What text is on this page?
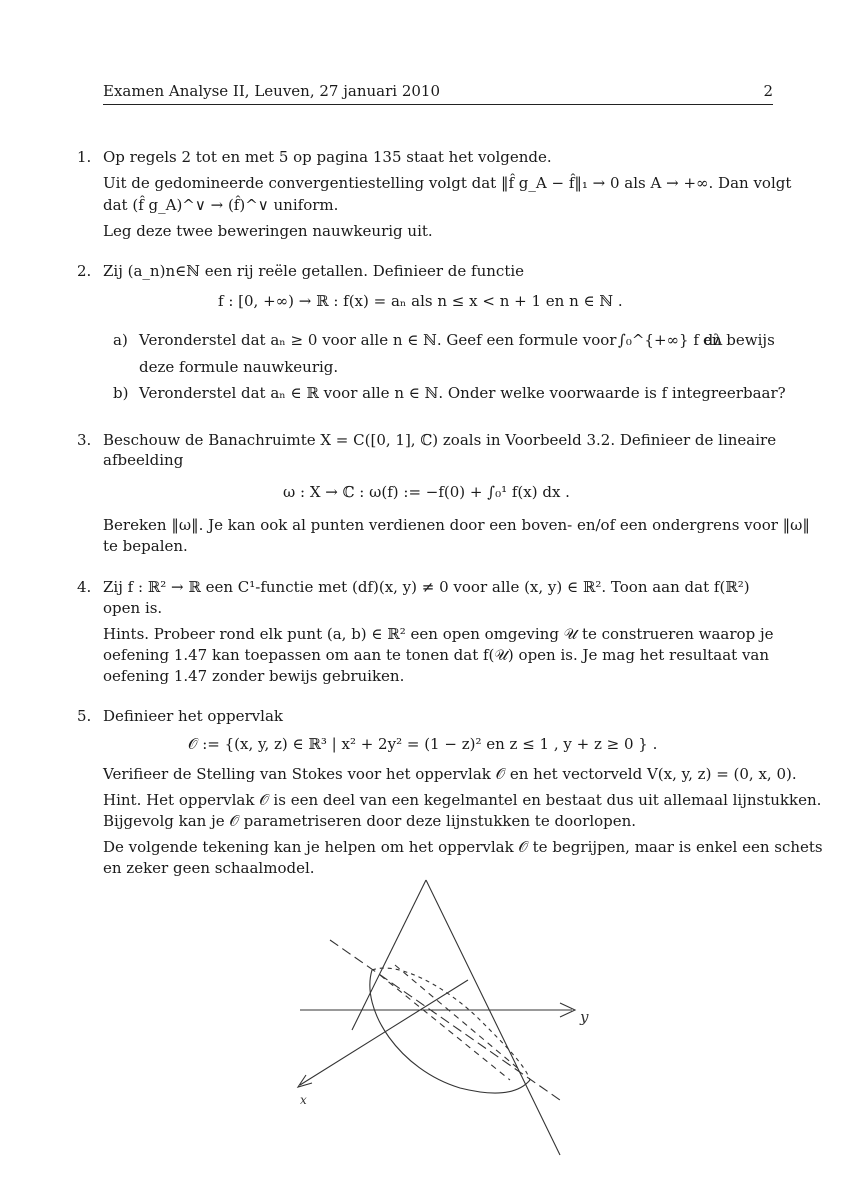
Examen Analyse II, Leuven, 27 januari 2010	2
1. Op regels 2 tot en met 5 op pagina 135 staat het volgende.
Uit de gedomineerde convergentiestelling volgt dat ‖f̂ g_A − f̂‖₁ → 0 als A → +∞. Dan volgt
dat (f̂ g_A)^∨ → (f̂)^∨ uniform.
Leg deze twee beweringen nauwkeurig uit.
2. Zij (a_n)n∈ℕ een rij reële getallen. Definieer de functie
f : [0, +∞) → ℝ : f(x) = aₙ als n ≤ x < n + 1 en n ∈ ℕ .
a) Veronderstel dat aₙ ≥ 0 voor alle n ∈ ℕ. Geef een formule voor ∫₀^{+∞} f dλ
en bewijs
deze formule nauwkeurig.
b) Veronderstel dat aₙ ∈ ℝ voor alle n ∈ ℕ. Onder welke voorwaarde is f integreerbaar?
3. Beschouw de Banachruimte X = C([0, 1], ℂ) zoals in Voorbeeld 3.2. Definieer de lineaire
afbeelding
ω : X → ℂ : ω(f) := −f(0) + ∫₀¹ f(x) dx .
Bereken ‖ω‖. Je kan ook al punten verdienen door een boven- en/of een ondergrens voor ‖ω‖
te bepalen.
4. Zij f : ℝ² → ℝ een C¹-functie met (df)(x, y) ≠ 0 voor alle (x, y) ∈ ℝ². Toon aan dat f(ℝ²)
open is.
Hints. Probeer rond elk punt (a, b) ∈ ℝ² een open omgeving 𝒰 te construeren waarop je
oefening 1.47 kan toepassen om aan te tonen dat f(𝒰) open is. Je mag het resultaat van
oefening 1.47 zonder bewijs gebruiken.
5. Definieer het oppervlak
𝒪 := {(x, y, z) ∈ ℝ³ | x² + 2y² = (1 − z)² en z ≤ 1 , y + z ≥ 0 } .
Verifieer de Stelling van Stokes voor het oppervlak 𝒪 en het vectorveld V(x, y, z) = (0, x, 0).
Hint. Het oppervlak 𝒪 is een deel van een kegelmantel en bestaat dus uit allemaal lijnstukken.
Bijgevolg kan je 𝒪 parametriseren door deze lijnstukken te doorlopen.
De volgende tekening kan je helpen om het oppervlak 𝒪 te begrijpen, maar is enkel een schets
en zeker geen schaalmodel.
y
x
